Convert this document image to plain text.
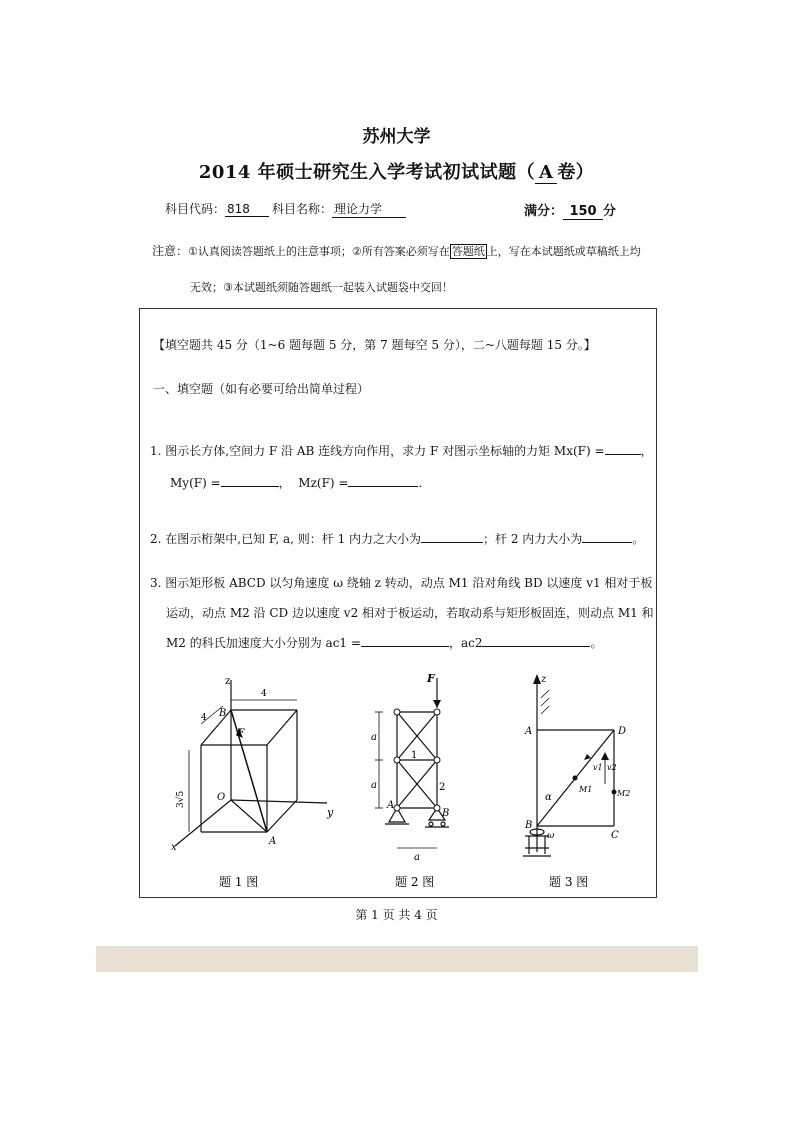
苏州大学
2014 年硕士研究生入学考试初试试题（ A 卷）
科目代码： 818	科目名称： 理论力学	满分： 150 分
注意：①认真阅读答题纸上的注意事项；②所有答案必须写在 答题纸 上，写在本试题纸或草稿纸上均
无效；③本试题纸须随答题纸一起装入试题袋中交回！
【填空题共 45 分（1~6 题每题 5 分，第 7 题每空 5 分），二~八题每题 15 分。】
一、填空题（如有必要可给出简单过程）
1. 图示长方体,空间力 F 沿 AB 连线方向作用，求力 F 对图示坐标轴的力矩 Mx(F) =	，
My(F) =	， Mz(F) =	.
2. 在图示桁架中,已知 F, a, 则：杆 1 内力之大小为	；杆 2 内力大小为	。
3. 图示矩形板 ABCD 以匀角速度 ω 绕轴 z 转动，动点 M1 沿对角线 BD 以速度 v1 相对于板
运动，动点 M2 沿 CD 边以速度 v2 相对于板运动，若取动系与矩形板固连，则动点 M1 和
M2 的科氏加速度大小分别为 ac1 =	，ac2	。
z
y
x
B
A
O
F
4
3√5
4
题 1 图
F
a
a
a
1
2
A
B
题 2 图
z
A
B
C
D
v1 v2
M1	M2
α
ω
题 3 图
第 1 页 共 4 页
